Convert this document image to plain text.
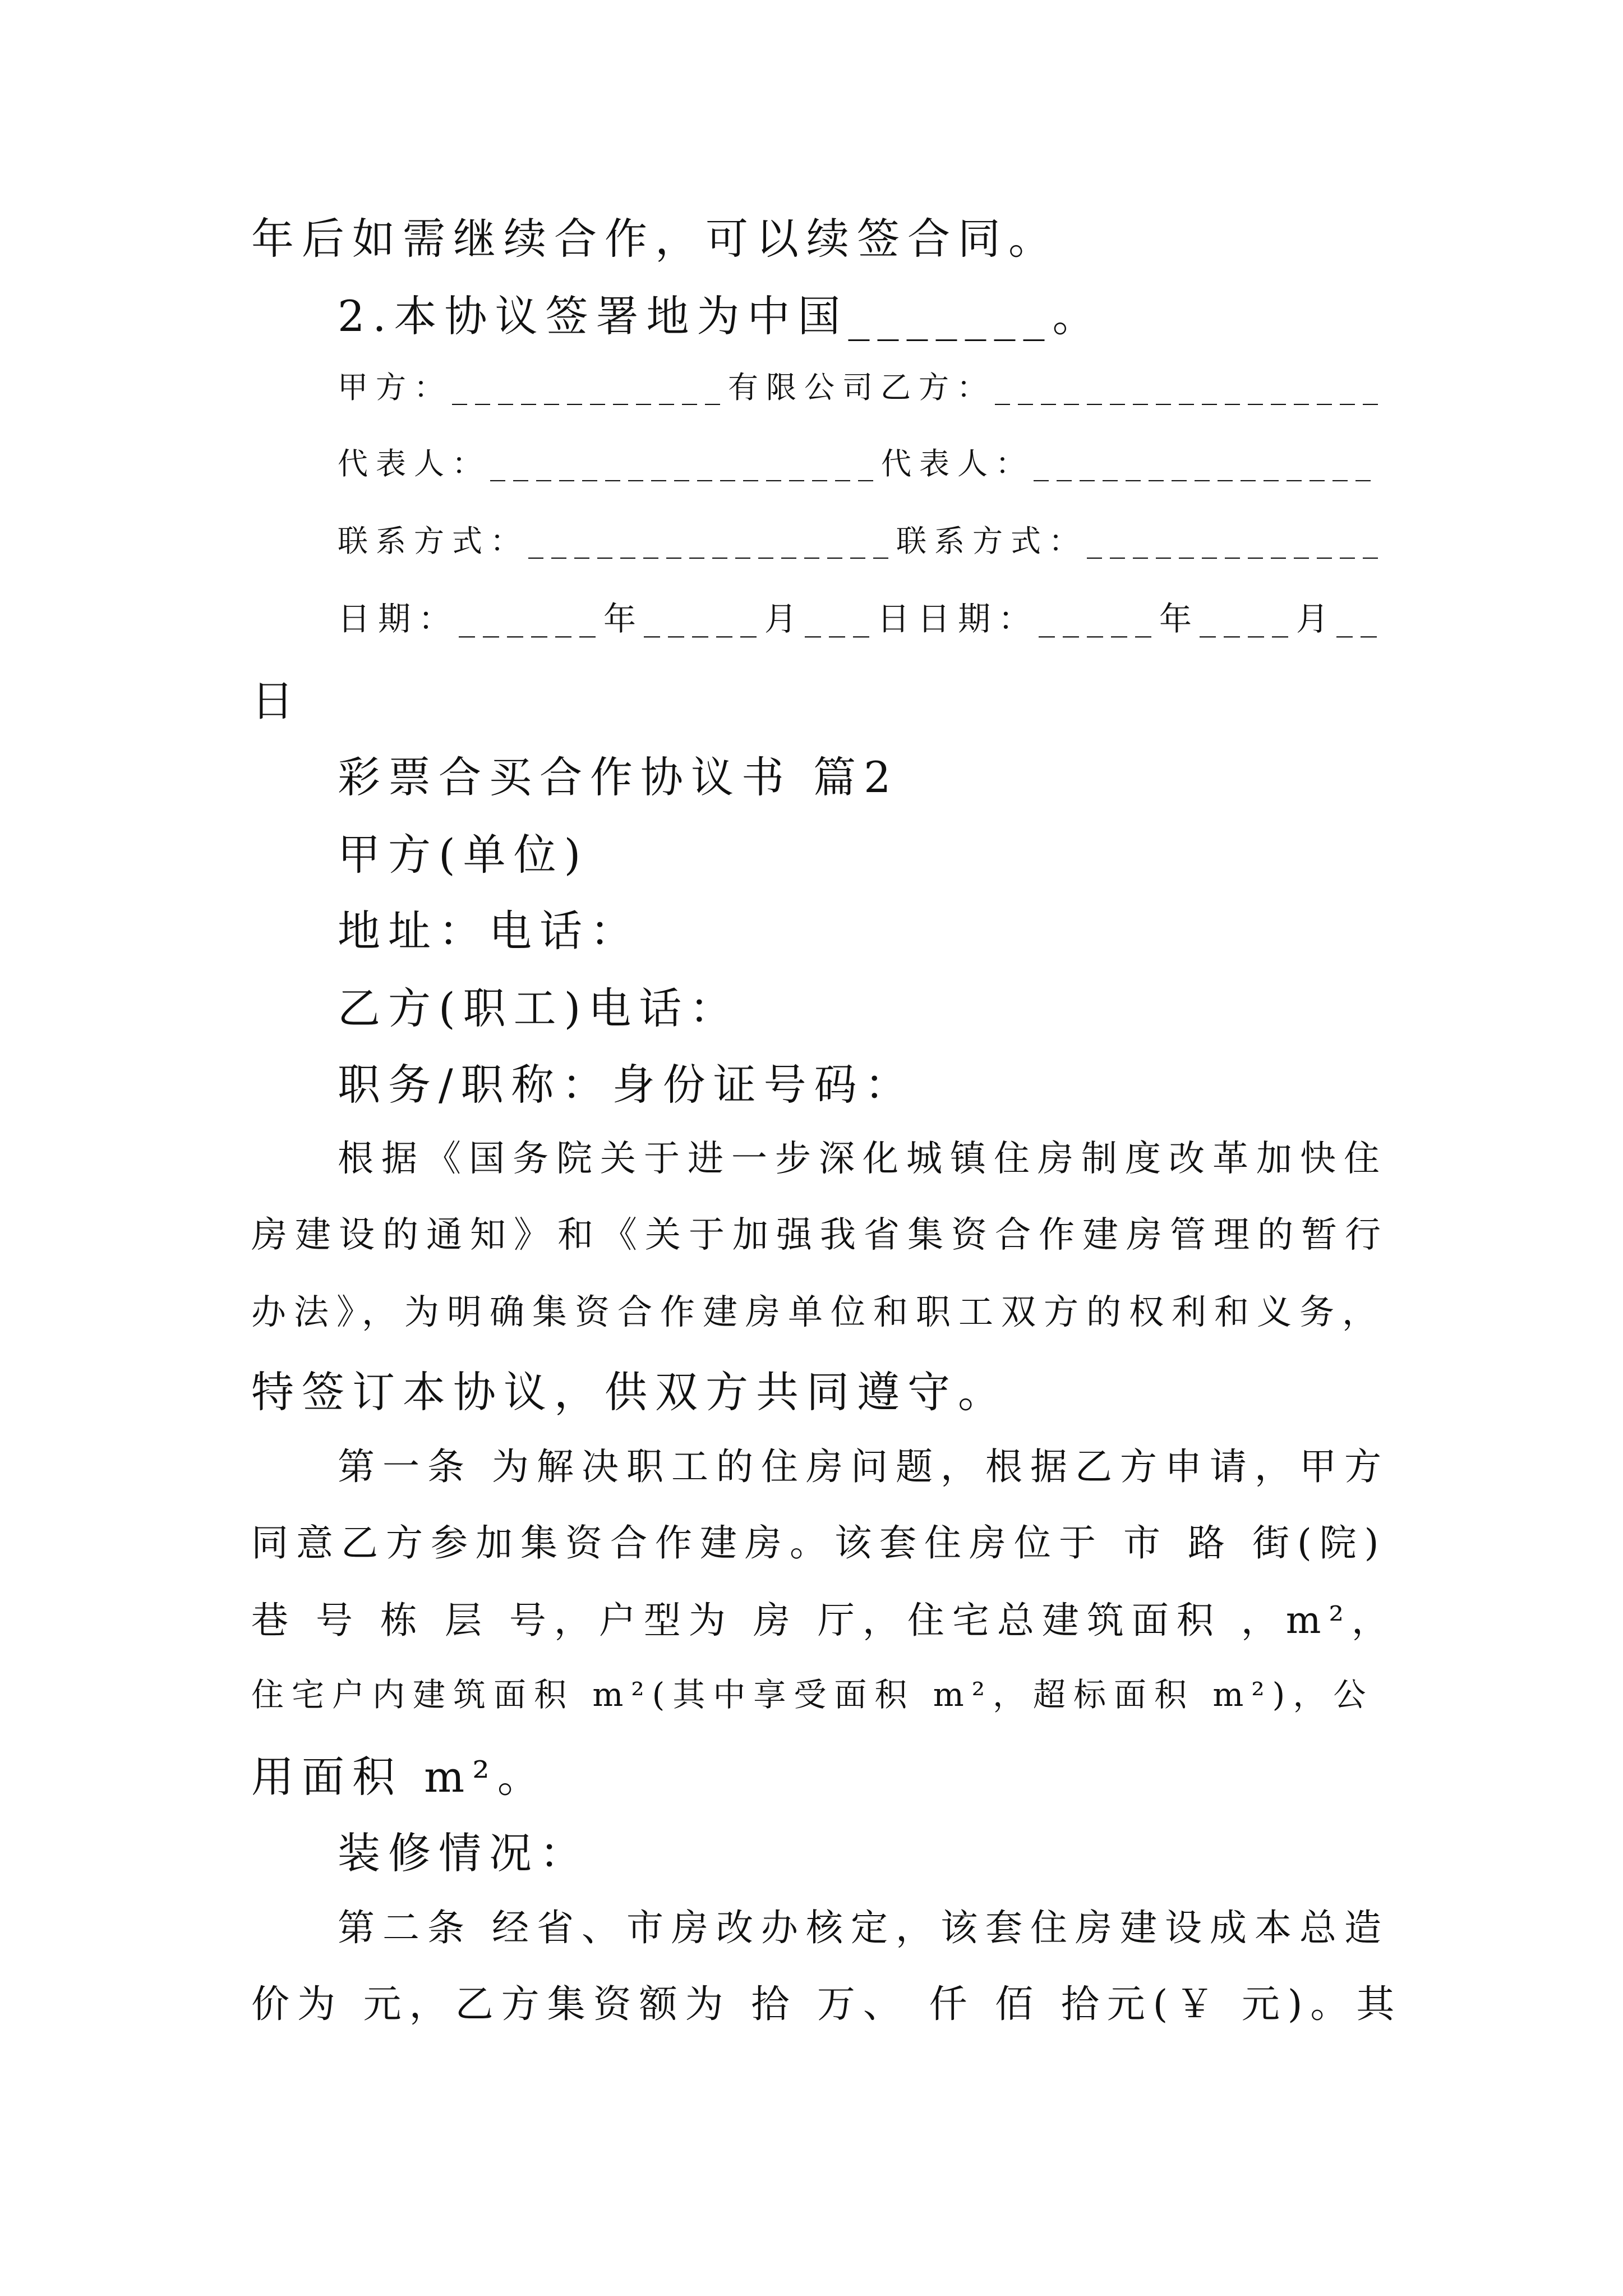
年后如需继续合作，可以续签合同。
2.本协议签署地为中国_______。
甲方：____________有限公司乙方：_________________
代表人：_________________代表人：_______________
联系方式：________________联系方式：_____________
日期：______年_____月___日日期：_____年____月__
日
彩票合买合作协议书 篇2
甲方(单位)
地址：电话：
乙方(职工)电话：
职务/职称：身份证号码：
根据《国务院关于进一步深化城镇住房制度改革加快住
房建设的通知》和《关于加强我省集资合作建房管理的暂行
办法》，为明确集资合作建房单位和职工双方的权利和义务，
特签订本协议，供双方共同遵守。
第一条 为解决职工的住房问题，根据乙方申请，甲方
同意乙方参加集资合作建房。该套住房位于 市 路 街(院)
巷 号 栋 层 号，户型为 房 厅，住宅总建筑面积 ，m²，
住宅户内建筑面积 m²(其中享受面积 m²，超标面积 m²)，公
用面积 m²。
装修情况：
第二条 经省、市房改办核定，该套住房建设成本总造
价为 元，乙方集资额为 拾 万、 仟 佰 拾元(￥ 元)。其
